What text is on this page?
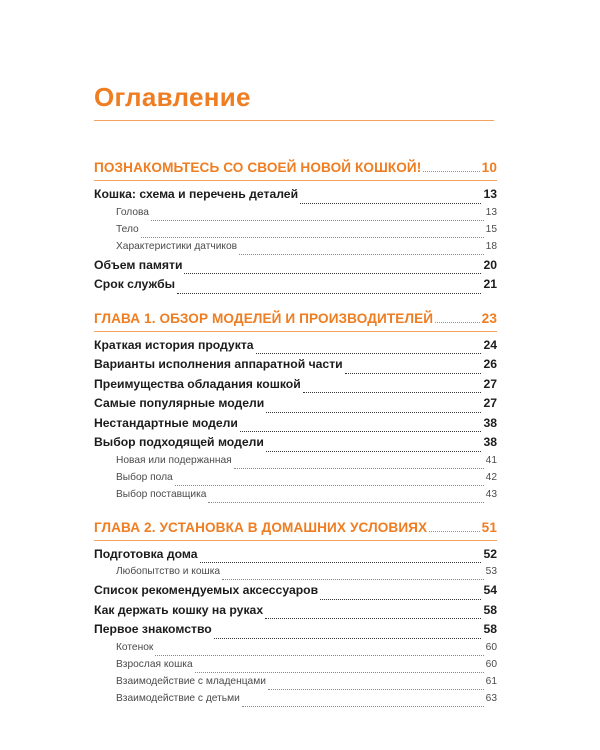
Оглавление
ПОЗНАКОМЬТЕСЬ СО СВОЕЙ НОВОЙ КОШКОЙ!	10
Кошка: схема и перечень деталей	13
Голова	13
Тело	15
Характеристики датчиков	18
Объем памяти	20
Срок службы	21
ГЛАВА 1. ОБЗОР МОДЕЛЕЙ И ПРОИЗВОДИТЕЛЕЙ	23
Краткая история продукта	24
Варианты исполнения аппаратной части	26
Преимущества обладания кошкой	27
Самые популярные модели	27
Нестандартные модели	38
Выбор подходящей модели	38
Новая или подержанная	41
Выбор пола	42
Выбор поставщика	43
ГЛАВА 2. УСТАНОВКА В ДОМАШНИХ УСЛОВИЯХ	51
Подготовка дома	52
Любопытство и кошка	53
Список рекомендуемых аксессуаров	54
Как держать кошку на руках	58
Первое знакомство	58
Котенок	60
Взрослая кошка	60
Взаимодействие с младенцами	61
Взаимодействие с детьми	63
